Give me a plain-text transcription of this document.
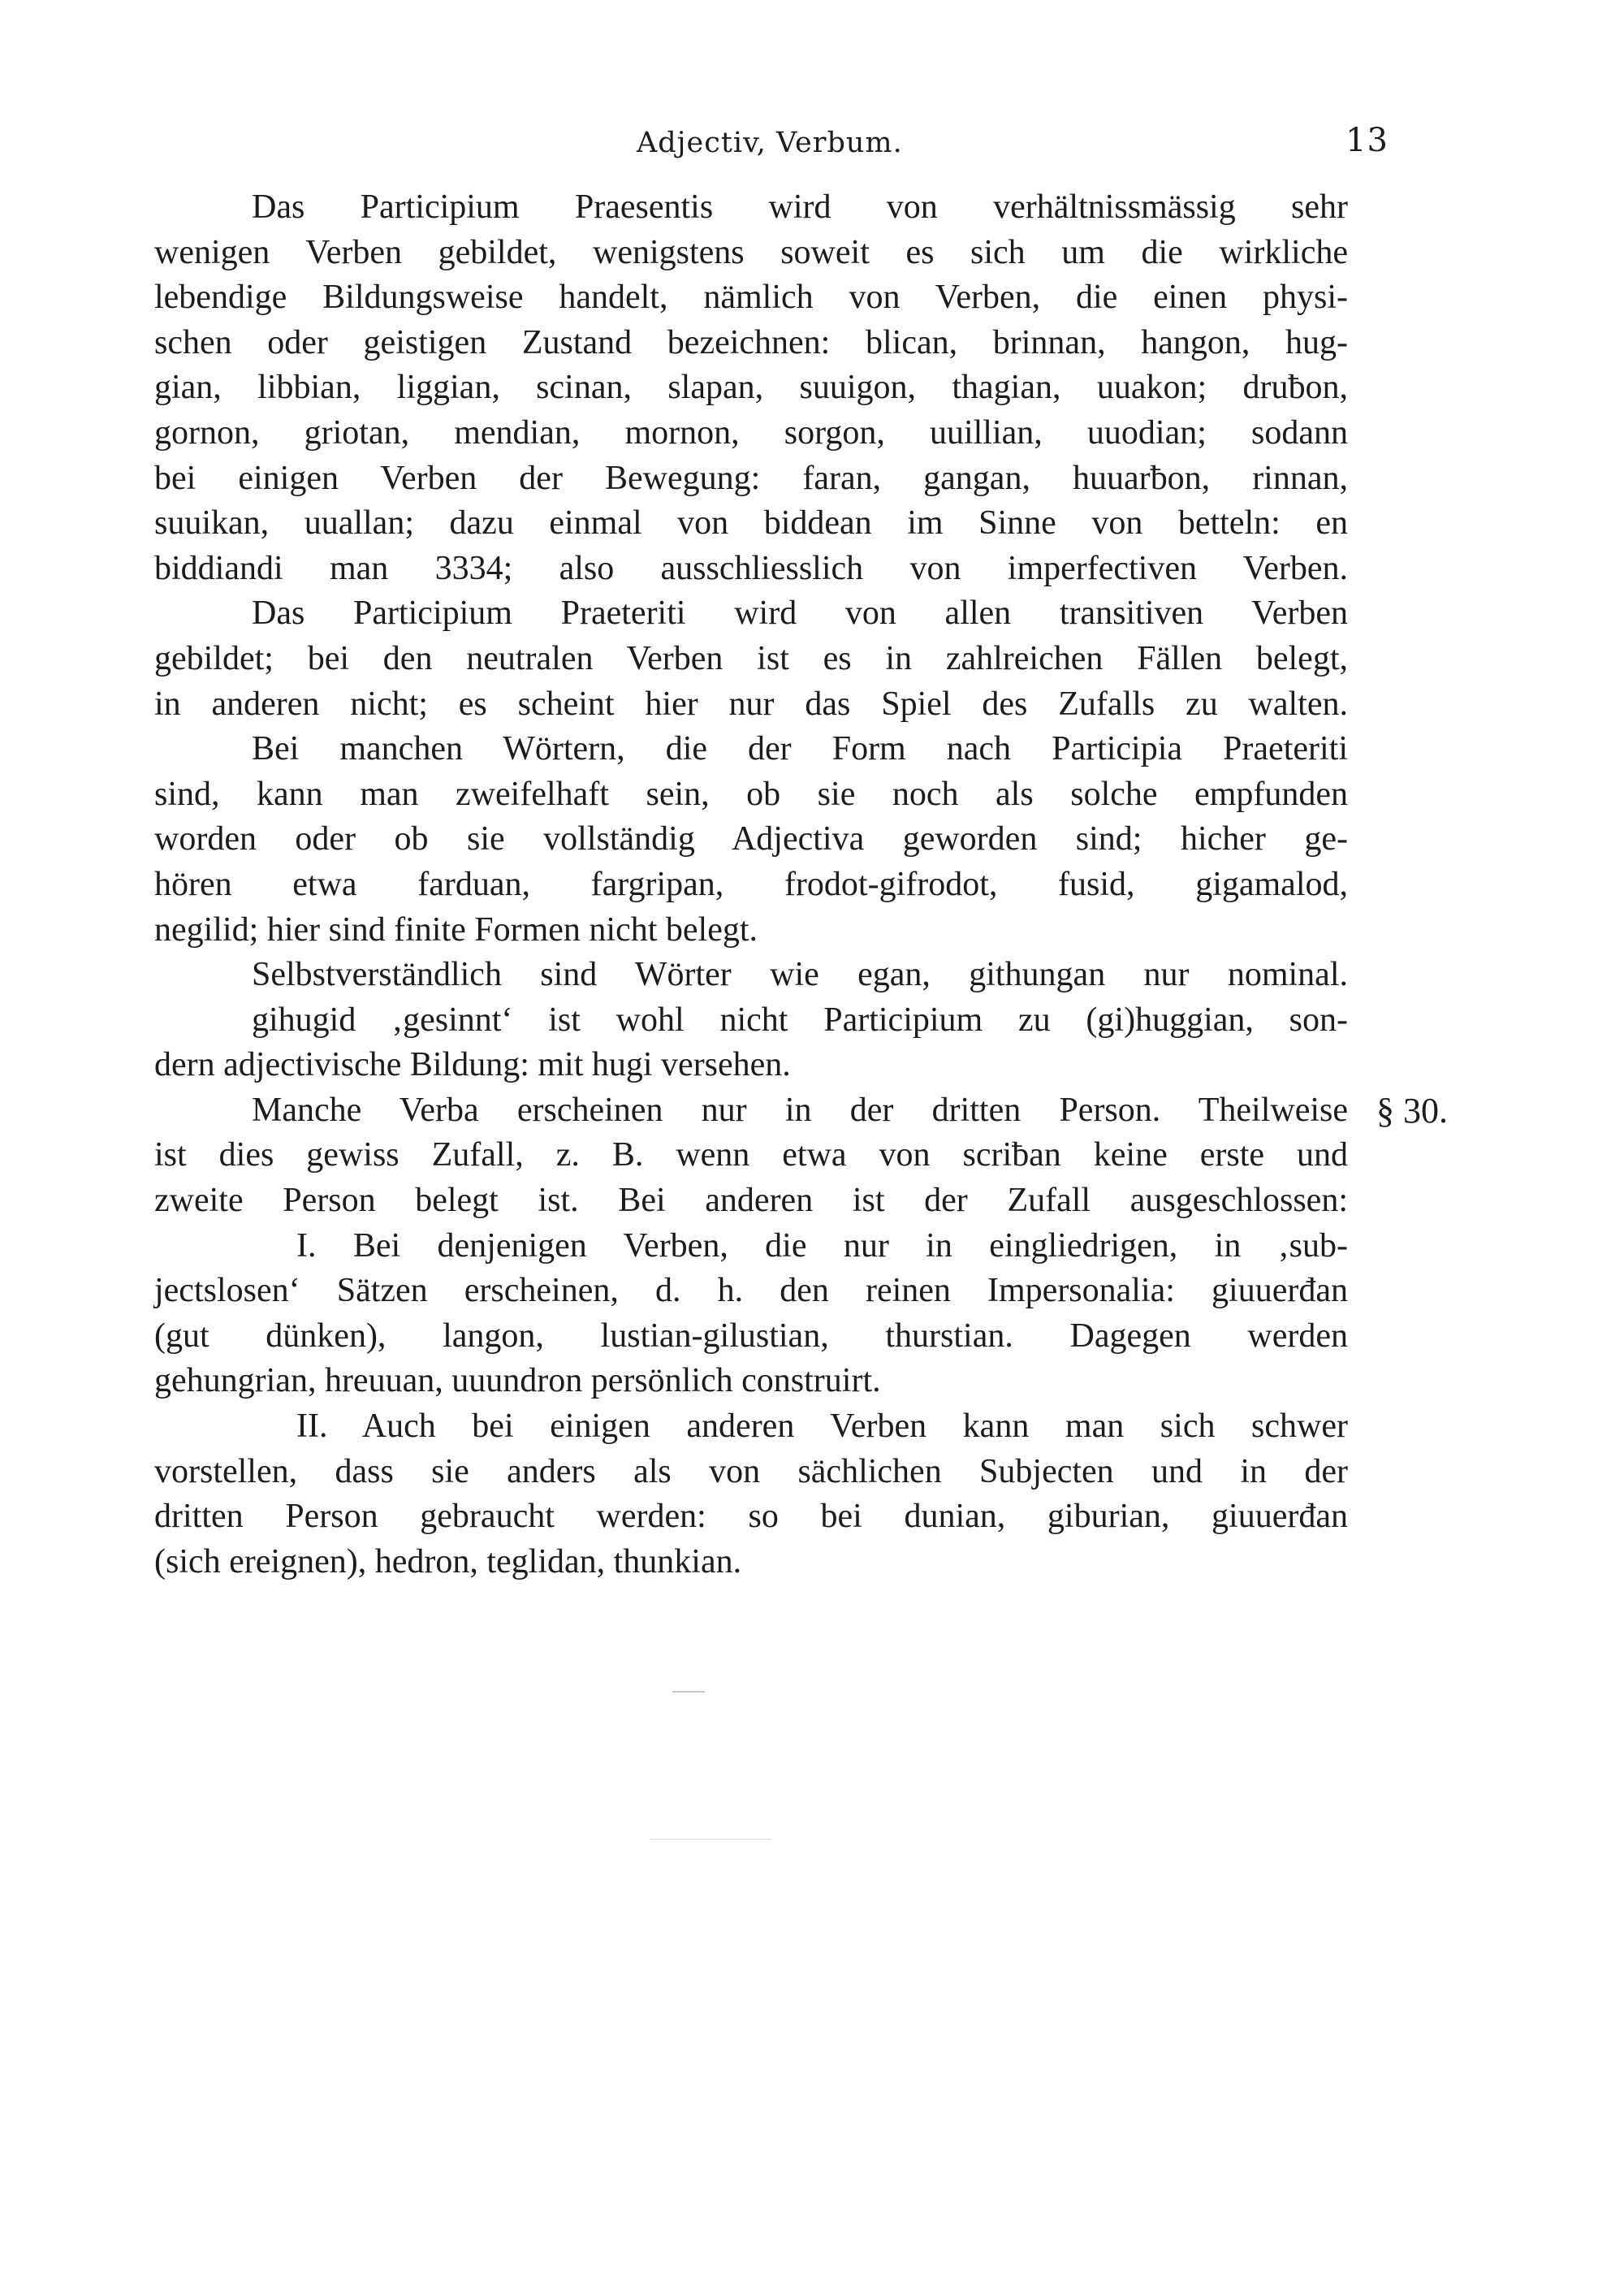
Adjectiv, Verbum.	13
Das Participium Praesentis wird von verhältnissmässig sehr
wenigen Verben gebildet, wenigstens soweit es sich um die wirkliche
lebendige Bildungsweise handelt, nämlich von Verben, die einen physi-
schen oder geistigen Zustand bezeichnen: blican, brinnan, hangon, hug-
gian, libbian, liggian, scinan, slapan, suuigon, thagian, uuakon; druƀon,
gornon, griotan, mendian, mornon, sorgon, uuillian, uuodian; sodann
bei einigen Verben der Bewegung: faran, gangan, huuarƀon, rinnan,
suuikan, uuallan; dazu einmal von biddean im Sinne von betteln: en
biddiandi man 3334; also ausschliesslich von imperfectiven Verben.
Das Participium Praeteriti wird von allen transitiven Verben
gebildet; bei den neutralen Verben ist es in zahlreichen Fällen belegt,
in anderen nicht; es scheint hier nur das Spiel des Zufalls zu walten.
Bei manchen Wörtern, die der Form nach Participia Praeteriti
sind, kann man zweifelhaft sein, ob sie noch als solche empfunden
worden oder ob sie vollständig Adjectiva geworden sind; hicher ge-
hören etwa farduan, fargripan, frodot-gifrodot, fusid, gigamalod,
negilid; hier sind finite Formen nicht belegt.
Selbstverständlich sind Wörter wie egan, githungan nur nominal.
gihugid ‚gesinnt‘ ist wohl nicht Participium zu (gi)huggian, son-
dern adjectivische Bildung: mit hugi versehen.
Manche Verba erscheinen nur in der dritten Person. Theilweise
ist dies gewiss Zufall, z. B. wenn etwa von scriƀan keine erste und
zweite Person belegt ist. Bei anderen ist der Zufall ausgeschlossen:
I. Bei denjenigen Verben, die nur in eingliedrigen, in ‚sub-
jectslosen‘ Sätzen erscheinen, d. h. den reinen Impersonalia: giuuerđan
(gut dünken), langon, lustian-gilustian, thurstian. Dagegen werden
gehungrian, hreuuan, uuundron persönlich construirt.
II. Auch bei einigen anderen Verben kann man sich schwer
vorstellen, dass sie anders als von sächlichen Subjecten und in der
dritten Person gebraucht werden: so bei dunian, giburian, giuuerđan
(sich ereignen), hedron, teglidan, thunkian.
§ 30.
